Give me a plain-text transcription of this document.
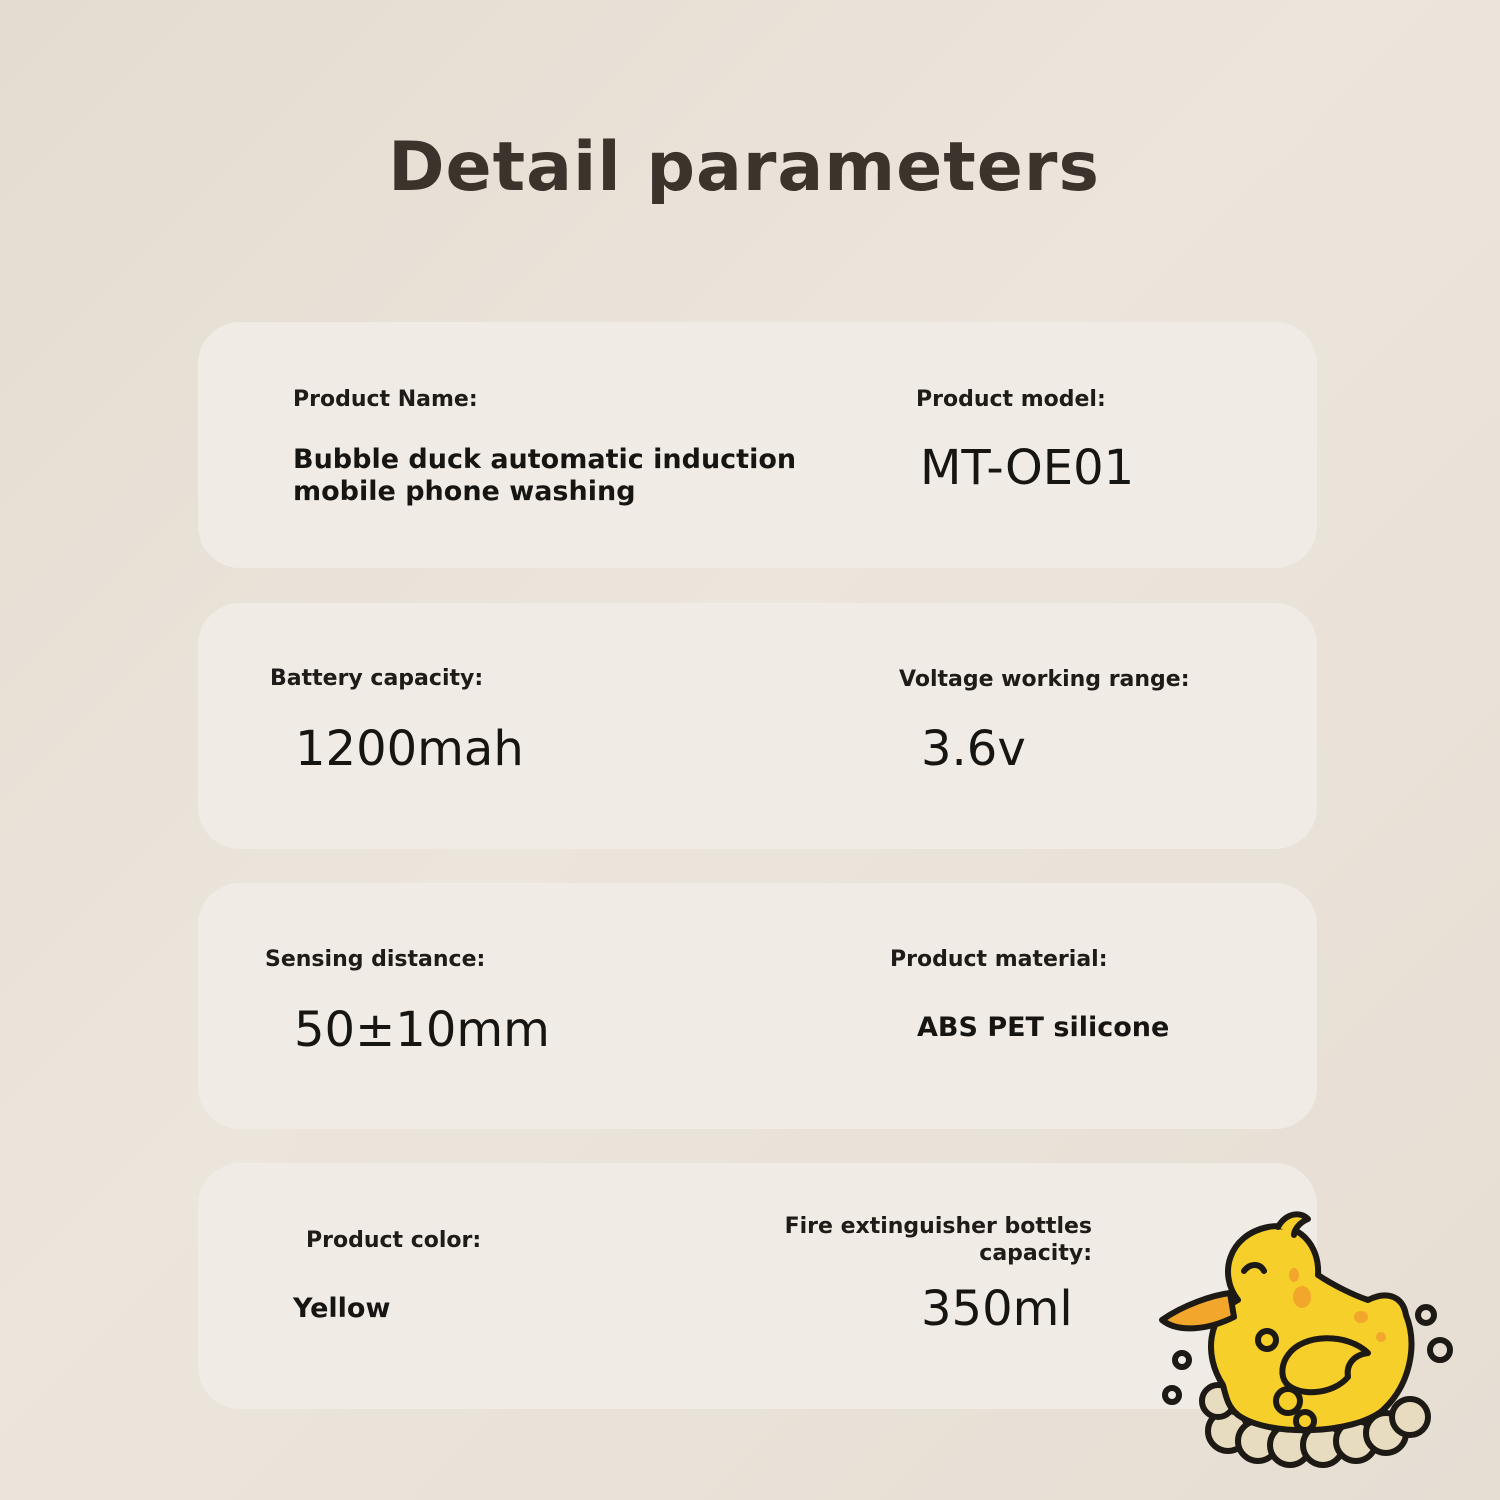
Detail parameters
Product Name:
Bubble duck automatic induction mobile phone washing
Product model:
MT-OE01
Battery capacity:
1200mah
Voltage working range:
3.6v
Sensing distance:
50±10mm
Product material:
ABS PET silicone
Product color:
Yellow
Fire extinguisher bottles capacity:
350ml
